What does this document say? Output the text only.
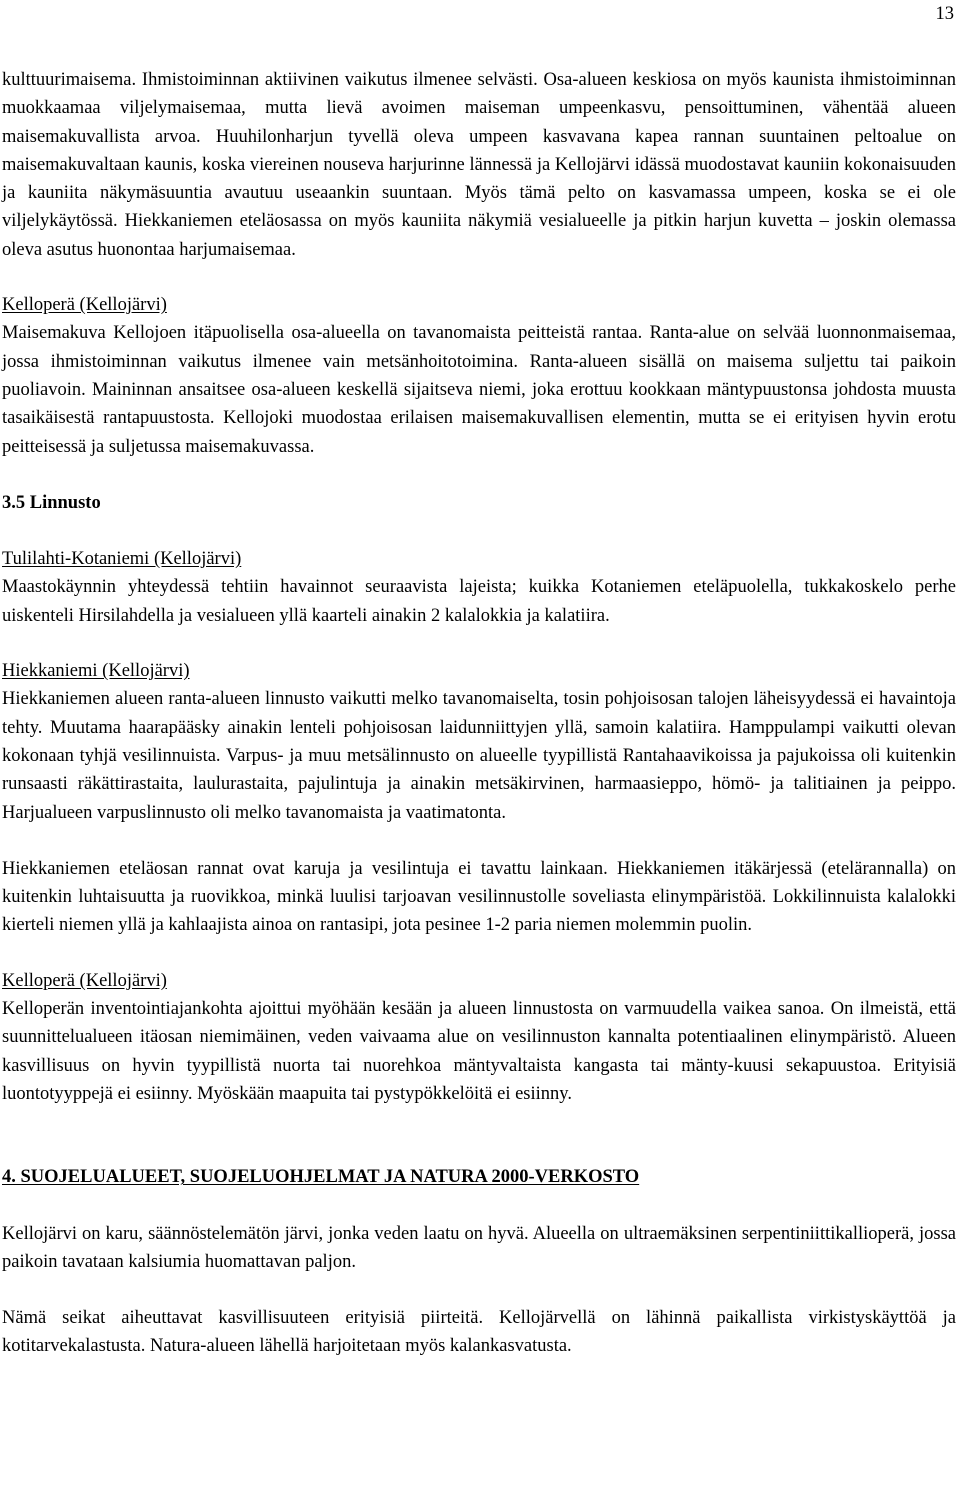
13

kulttuurimaisema. Ihmistoiminnan aktiivinen vaikutus ilmenee selvästi. Osa-alueen keskiosa on myös kaunista ihmistoiminnan muokkaamaa viljelymaisemaa, mutta lievä avoimen maiseman umpeenkasvu, pensoittuminen, vähentää alueen maisemakuvallista arvoa. Huuhilonharjun tyvellä oleva umpeen kasvavana kapea rannan suuntainen peltoalue on maisemakuvaltaan kaunis, koska viereinen nouseva harjurinne lännessä ja Kellojärvi idässä muodostavat kauniin kokonaisuuden ja kauniita näkymäsuuntia avautuu useaankin suuntaan. Myös tämä pelto on kasvamassa umpeen, koska se ei ole viljelykäytössä. Hiekkaniemen eteläosassa on myös kauniita näkymiä vesialueelle ja pitkin harjun kuvetta – joskin olemassa oleva asutus huonontaa harjumaisemaa.

Kelloperä (Kellojärvi)

Maisemakuva Kellojoen itäpuolisella osa-alueella on tavanomaista peitteistä rantaa. Ranta-alue on selvää luonnonmaisemaa, jossa ihmistoiminnan vaikutus ilmenee vain metsänhoitotoimina. Ranta-alueen sisällä on maisema suljettu tai paikoin puoliavoin. Maininnan ansaitsee osa-alueen keskellä sijaitseva niemi, joka erottuu kookkaan mäntypuustonsa johdosta muusta tasaikäisestä rantapuustosta. Kellojoki muodostaa erilaisen maisemakuvallisen elementin, mutta se ei erityisen hyvin erotu peitteisessä ja suljetussa maisemakuvassa.

3.5 Linnusto

Tulilahti-Kotaniemi (Kellojärvi)

Maastokäynnin yhteydessä tehtiin havainnot seuraavista lajeista; kuikka Kotaniemen eteläpuolella, tukkakoskelo perhe uiskenteli Hirsilahdella ja vesialueen yllä kaarteli ainakin 2 kalalokkia ja kalatiira.

Hiekkaniemi (Kellojärvi)

Hiekkaniemen alueen ranta-alueen linnusto vaikutti melko tavanomaiselta, tosin pohjoisosan talojen läheisyydessä ei havaintoja tehty. Muutama haarapääsky ainakin lenteli pohjoisosan laidunniittyjen yllä, samoin kalatiira. Hamppulampi vaikutti olevan kokonaan tyhjä vesilinnuista. Varpus- ja muu metsälinnusto on alueelle tyypillistä Rantahaavikoissa ja pajukoissa oli kuitenkin runsaasti räkättirastaita, laulurastaita, pajulintuja ja ainakin metsäkirvinen, harmaasieppo, hömö- ja talitiainen ja peippo. Harjualueen varpuslinnusto oli melko tavanomaista ja vaatimatonta.

Hiekkaniemen eteläosan rannat ovat karuja ja vesilintuja ei tavattu lainkaan. Hiekkaniemen itäkärjessä (etelärannalla) on kuitenkin luhtaisuutta ja ruovikkoa, minkä luulisi tarjoavan vesilinnustolle soveliasta elinympäristöä. Lokkilinnuista kalalokki kierteli niemen yllä ja kahlaajista ainoa on rantasipi, jota pesinee 1-2 paria niemen molemmin puolin.

Kelloperä (Kellojärvi)

Kelloperän inventointiajankohta ajoittui myöhään kesään ja alueen linnustosta on varmuudella vaikea sanoa. On ilmeistä, että suunnittelualueen itäosan niemimäinen, veden vaivaama alue on vesilinnuston kannalta potentiaalinen elinympäristö. Alueen kasvillisuus on hyvin tyypillistä nuorta tai nuorehkoa mäntyvaltaista kangasta tai mänty-kuusi sekapuustoa. Erityisiä luontotyyppejä ei esiinny. Myöskään maapuita tai pystypökkelöitä ei esiinny.

4. SUOJELUALUEET, SUOJELUOHJELMAT JA NATURA 2000-VERKOSTO

Kellojärvi on karu, säännöstelemätön järvi, jonka veden laatu on hyvä. Alueella on ultraemäksinen serpentiniittikallioperä, jossa paikoin tavataan kalsiumia huomattavan paljon.

Nämä seikat aiheuttavat kasvillisuuteen erityisiä piirteitä. Kellojärvellä on lähinnä paikallista virkistyskäyttöä ja kotitarvekalastusta. Natura-alueen lähellä harjoitetaan myös kalankasvatusta.
